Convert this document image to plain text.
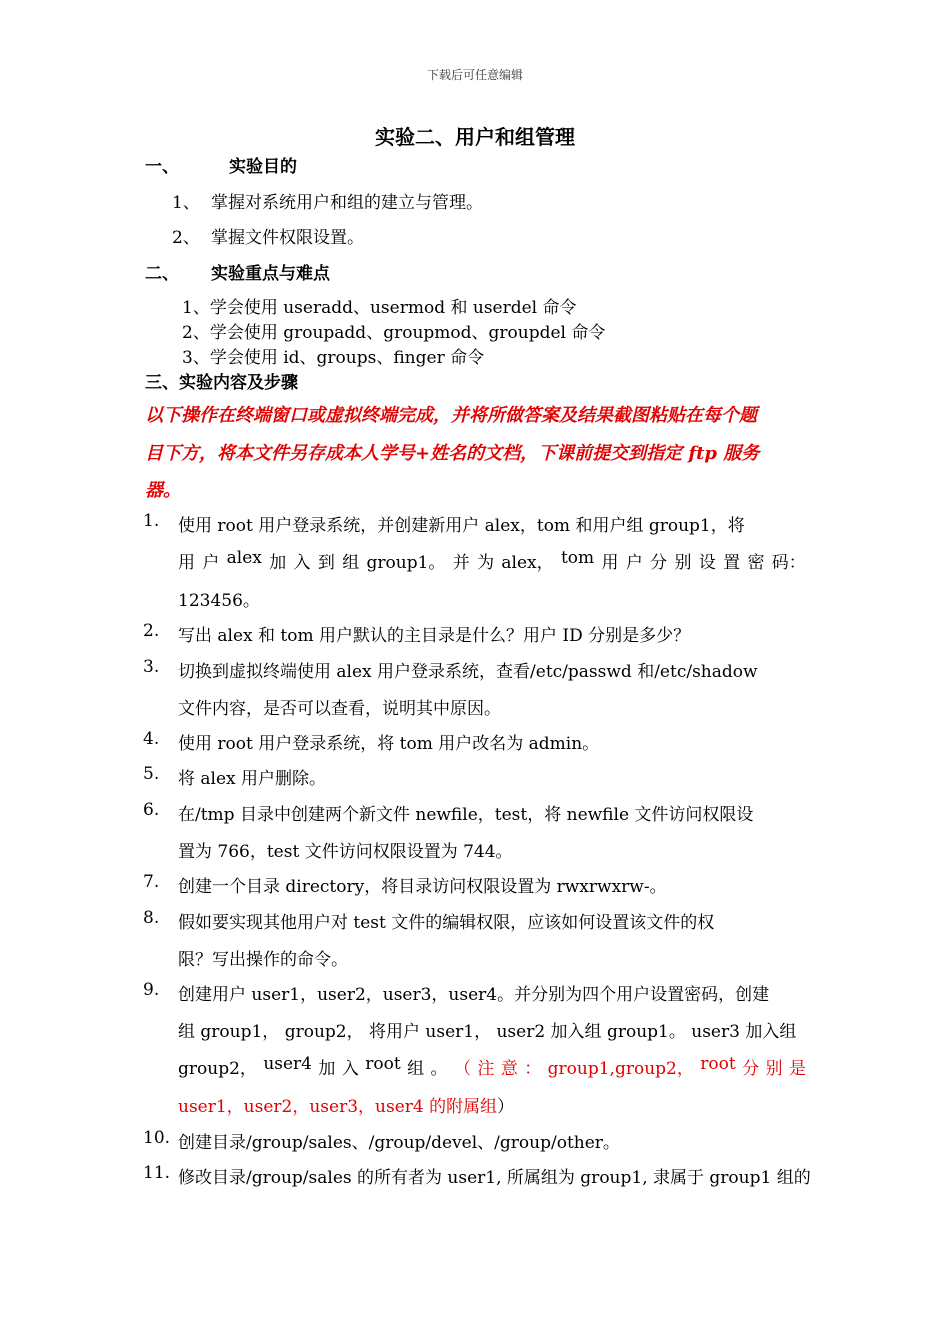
下载后可任意编辑
实验二、用户和组管理
一、	实验目的
1、 掌握对系统用户和组的建立与管理。
2、 掌握文件权限设置。
二、 实验重点与难点
1、学会使用 useradd、usermod 和 userdel 命令
2、学会使用 groupadd、groupmod、groupdel 命令
3、学会使用 id、groups、finger 命令
三、实验内容及步骤
以下操作在终端窗口或虚拟终端完成，并将所做答案及结果截图粘贴在每个题
目下方，将本文件另存成本人学号+姓名的文档，下课前提交到指定 ftp 服务
器。
1. 使用 root 用户登录系统，并创建新用户 alex，tom 和用户组 group1，将
用 户 alex 加 入 到 组 group1。 并 为 alex， tom 用 户 分 别 设 置 密 码：
123456。
2. 写出 alex 和 tom 用户默认的主目录是什么？用户 ID 分别是多少？
3. 切换到虚拟终端使用 alex 用户登录系统，查看/etc/passwd 和/etc/shadow
文件内容，是否可以查看，说明其中原因。
4. 使用 root 用户登录系统，将 tom 用户改名为 admin。
5. 将 alex 用户删除。
6. 在/tmp 目录中创建两个新文件 newfile，test，将 newfile 文件访问权限设
置为 766，test 文件访问权限设置为 744。
7. 创建一个目录 directory，将目录访问权限设置为 rwxrwxrw-。
8. 假如要实现其他用户对 test 文件的编辑权限，应该如何设置该文件的权
限？写出操作的命令。
9. 创建用户 user1，user2，user3，user4。并分别为四个用户设置密码，创建
组 group1， group2， 将用户 user1， user2 加入组 group1。 user3 加入组
group2， user4 加 入 root 组 。 （ 注 意 ： group1,group2， root 分 别 是
user1，user2，user3，user4 的附属组）
10. 创建目录/group/sales、/group/devel、/group/other。
11. 修改目录/group/sales 的所有者为 user1, 所属组为 group1, 隶属于 group1 组的
